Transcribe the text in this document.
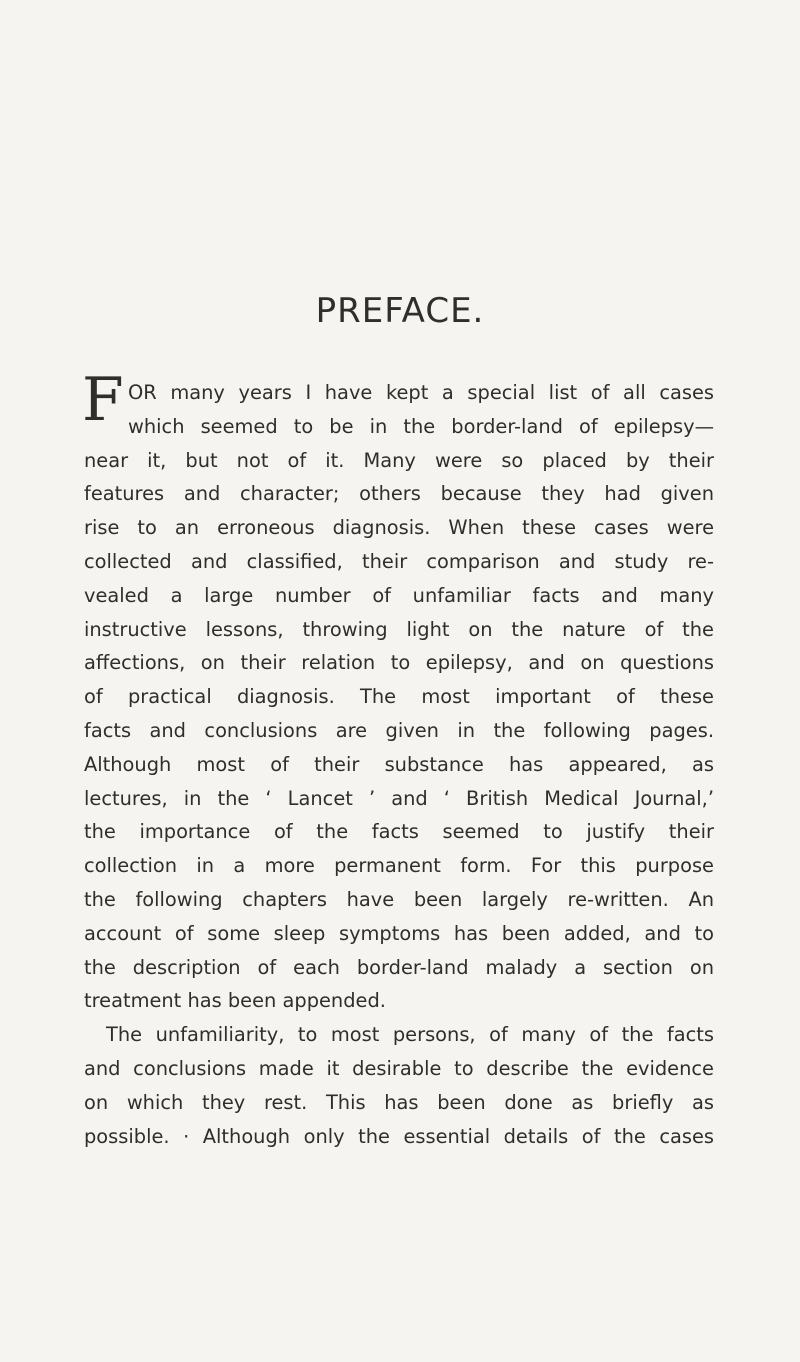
PREFACE.
F OR many years I have kept a special list of all cases
which seemed to be in the border-land of epilepsy—
near it, but not of it. Many were so placed by their
features and character; others because they had given
rise to an erroneous diagnosis. When these cases were
collected and classified, their comparison and study re-
vealed a large number of unfamiliar facts and many
instructive lessons, throwing light on the nature of the
affections, on their relation to epilepsy, and on questions
of practical diagnosis. The most important of these
facts and conclusions are given in the following pages.
Although most of their substance has appeared, as
lectures, in the ‘ Lancet ’ and ‘ British Medical Journal,’
the importance of the facts seemed to justify their
collection in a more permanent form. For this purpose
the following chapters have been largely re-written. An
account of some sleep symptoms has been added, and to
the description of each border-land malady a section on
treatment has been appended.
The unfamiliarity, to most persons, of many of the facts
and conclusions made it desirable to describe the evidence
on which they rest. This has been done as briefly as
possible. · Although only the essential details of the cases
